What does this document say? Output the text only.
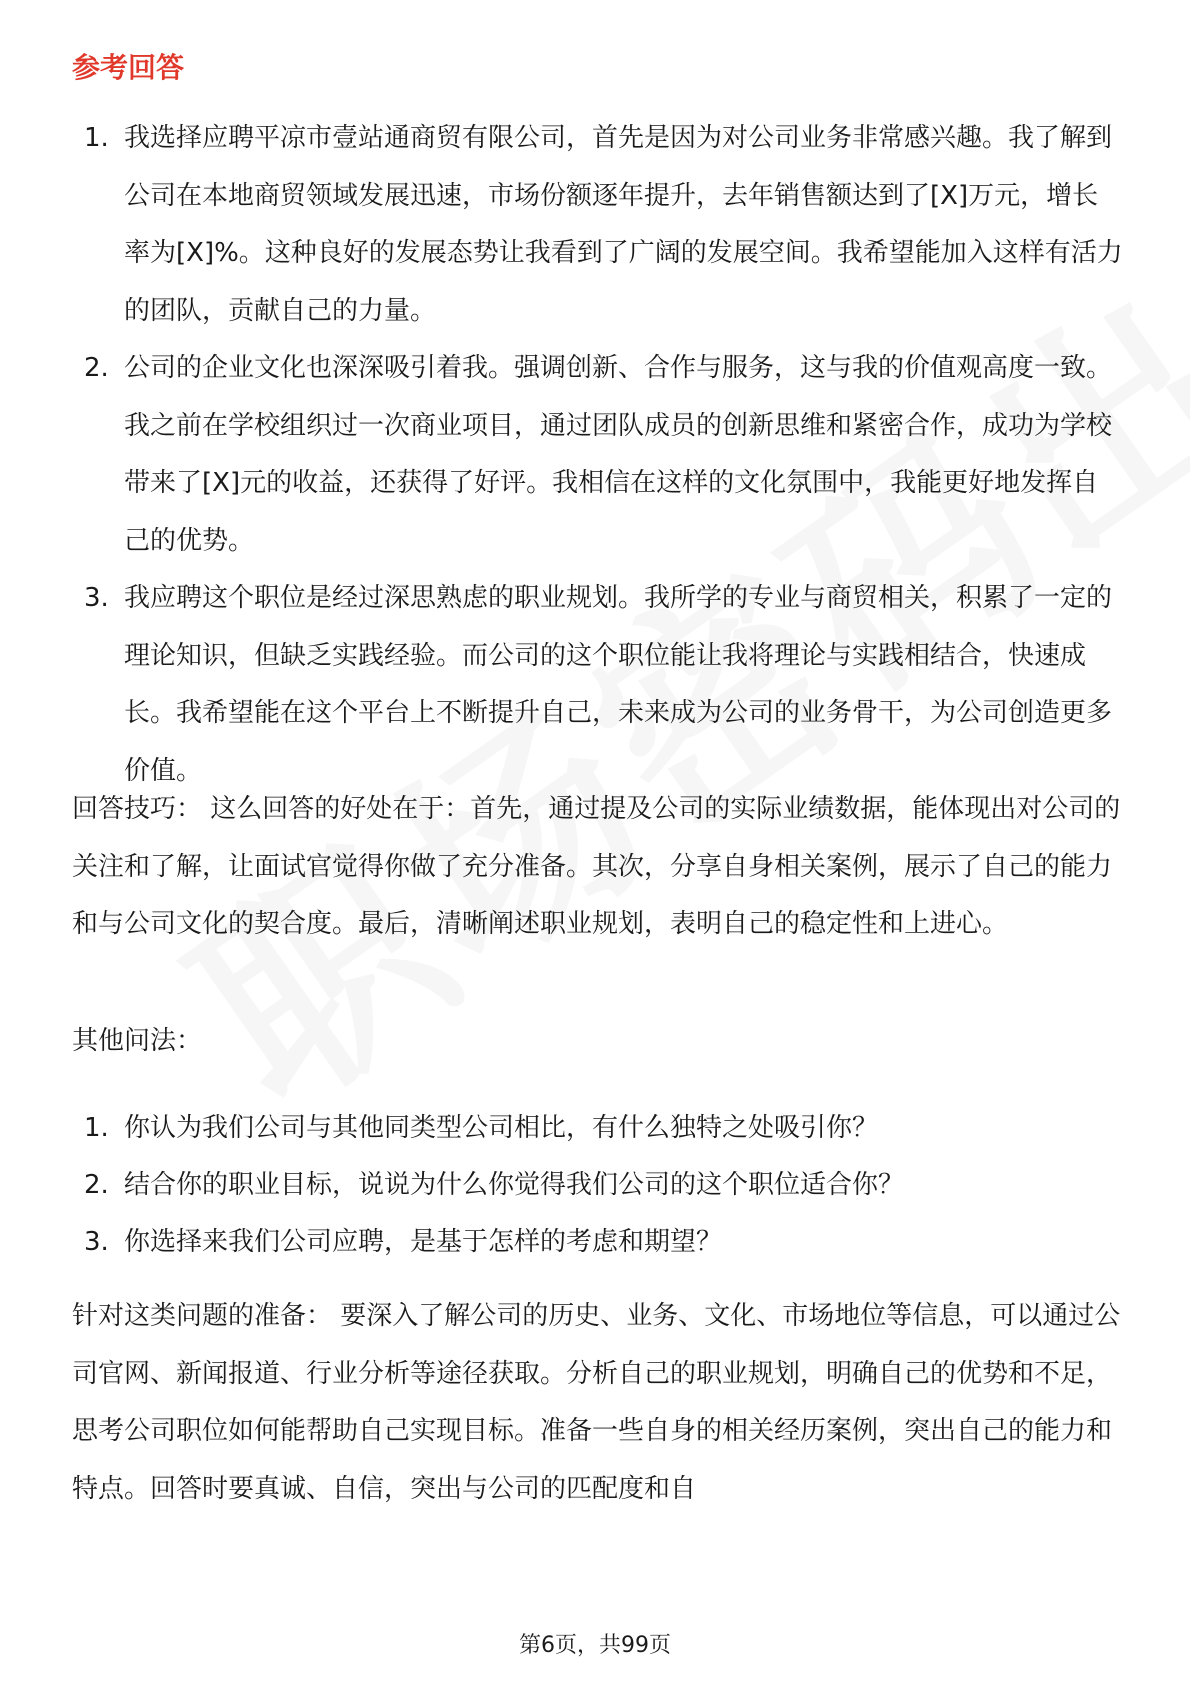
参考回答
1. 我选择应聘平凉市壹站通商贸有限公司，首先是因为对公司业务非常感兴趣。我了解到公司在本地商贸领域发展迅速，市场份额逐年提升，去年销售额达到了[X]万元，增长率为[X]%。这种良好的发展态势让我看到了广阔的发展空间。我希望能加入这样有活力的团队，贡献自己的力量。
2. 公司的企业文化也深深吸引着我。强调创新、合作与服务，这与我的价值观高度一致。我之前在学校组织过一次商业项目，通过团队成员的创新思维和紧密合作，成功为学校带来了[X]元的收益，还获得了好评。我相信在这样的文化氛围中，我能更好地发挥自己的优势。
3. 我应聘这个职位是经过深思熟虑的职业规划。我所学的专业与商贸相关，积累了一定的理论知识，但缺乏实践经验。而公司的这个职位能让我将理论与实践相结合，快速成长。我希望能在这个平台上不断提升自己，未来成为公司的业务骨干，为公司创造更多价值。

回答技巧： 这么回答的好处在于：首先，通过提及公司的实际业绩数据，能体现出对公司的关注和了解，让面试官觉得你做了充分准备。其次，分享自身相关案例，展示了自己的能力和与公司文化的契合度。最后，清晰阐述职业规划，表明自己的稳定性和上进心。

其他问法：

1. 你认为我们公司与其他同类型公司相比，有什么独特之处吸引你？
2. 结合你的职业目标，说说为什么你觉得我们公司的这个职位适合你？
3. 你选择来我们公司应聘，是基于怎样的考虑和期望？

针对这类问题的准备： 要深入了解公司的历史、业务、文化、市场地位等信息，可以通过公司官网、新闻报道、行业分析等途径获取。分析自己的职业规划，明确自己的优势和不足，思考公司职位如何能帮助自己实现目标。准备一些自身的相关经历案例，突出自己的能力和特点。回答时要真诚、自信，突出与公司的匹配度和自

第6页，共99页
